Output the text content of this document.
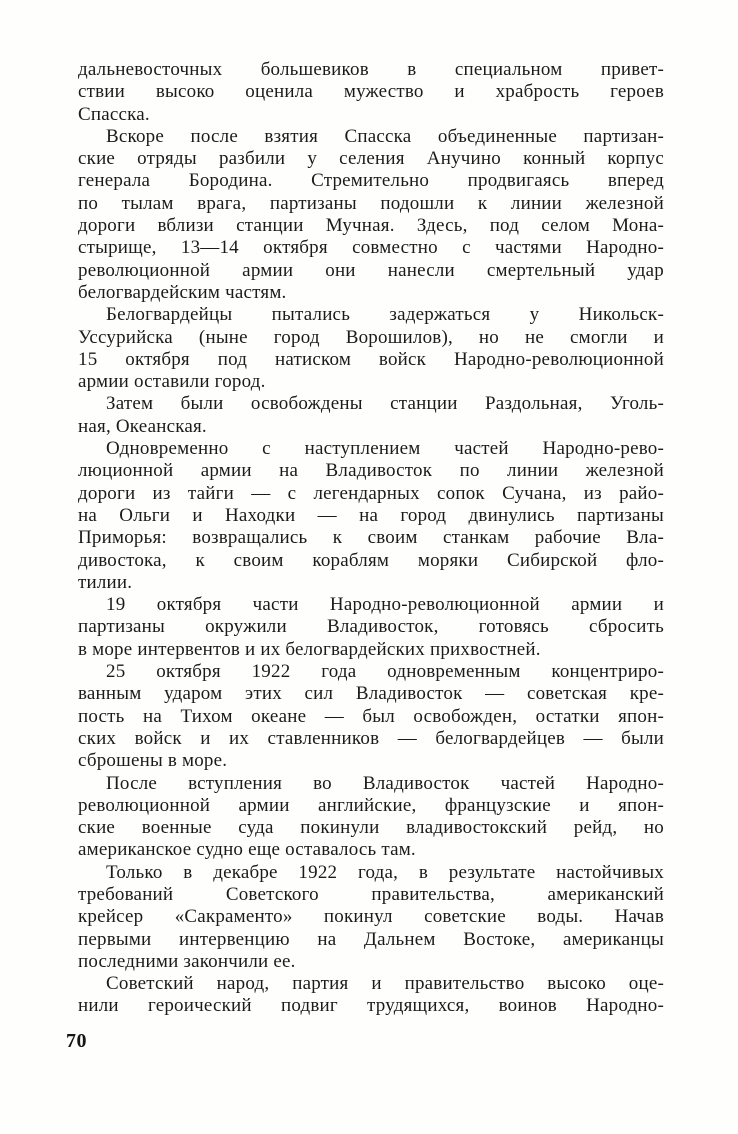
дальневосточных большевиков в специальном привет-
ствии высоко оценила мужество и храбрость героев
Спасска.
Вскоре после взятия Спасска объединенные партизан-
ские отряды разбили у селения Анучино конный корпус
генерала Бородина. Стремительно продвигаясь вперед
по тылам врага, партизаны подошли к линии железной
дороги вблизи станции Мучная. Здесь, под селом Мона-
стырище, 13—14 октября совместно с частями Народно-
революционной армии они нанесли смертельный удар
белогвардейским частям.
Белогвардейцы пытались задержаться у Никольск-
Уссурийска (ныне город Ворошилов), но не смогли и
15 октября под натиском войск Народно-революционной
армии оставили город.
Затем были освобождены станции Раздольная, Уголь-
ная, Океанская.
Одновременно с наступлением частей Народно-рево-
люционной армии на Владивосток по линии железной
дороги из тайги — с легендарных сопок Сучана, из райо-
на Ольги и Находки — на город двинулись партизаны
Приморья: возвращались к своим станкам рабочие Вла-
дивостока, к своим кораблям моряки Сибирской фло-
тилии.
19 октября части Народно-революционной армии и
партизаны окружили Владивосток, готовясь сбросить
в море интервентов и их белогвардейских прихвостней.
25 октября 1922 года одновременным концентриро-
ванным ударом этих сил Владивосток — советская кре-
пость на Тихом океане — был освобожден, остатки япон-
ских войск и их ставленников — белогвардейцев — были
сброшены в море.
После вступления во Владивосток частей Народно-
революционной армии английские, французские и япон-
ские военные суда покинули владивостокский рейд, но
американское судно еще оставалось там.
Только в декабре 1922 года, в результате настойчивых
требований Советского правительства, американский
крейсер «Сакраменто» покинул советские воды. Начав
первыми интервенцию на Дальнем Востоке, американцы
последними закончили ее.
Советский народ, партия и правительство высоко оце-
нили героический подвиг трудящихся, воинов Народно-
70
